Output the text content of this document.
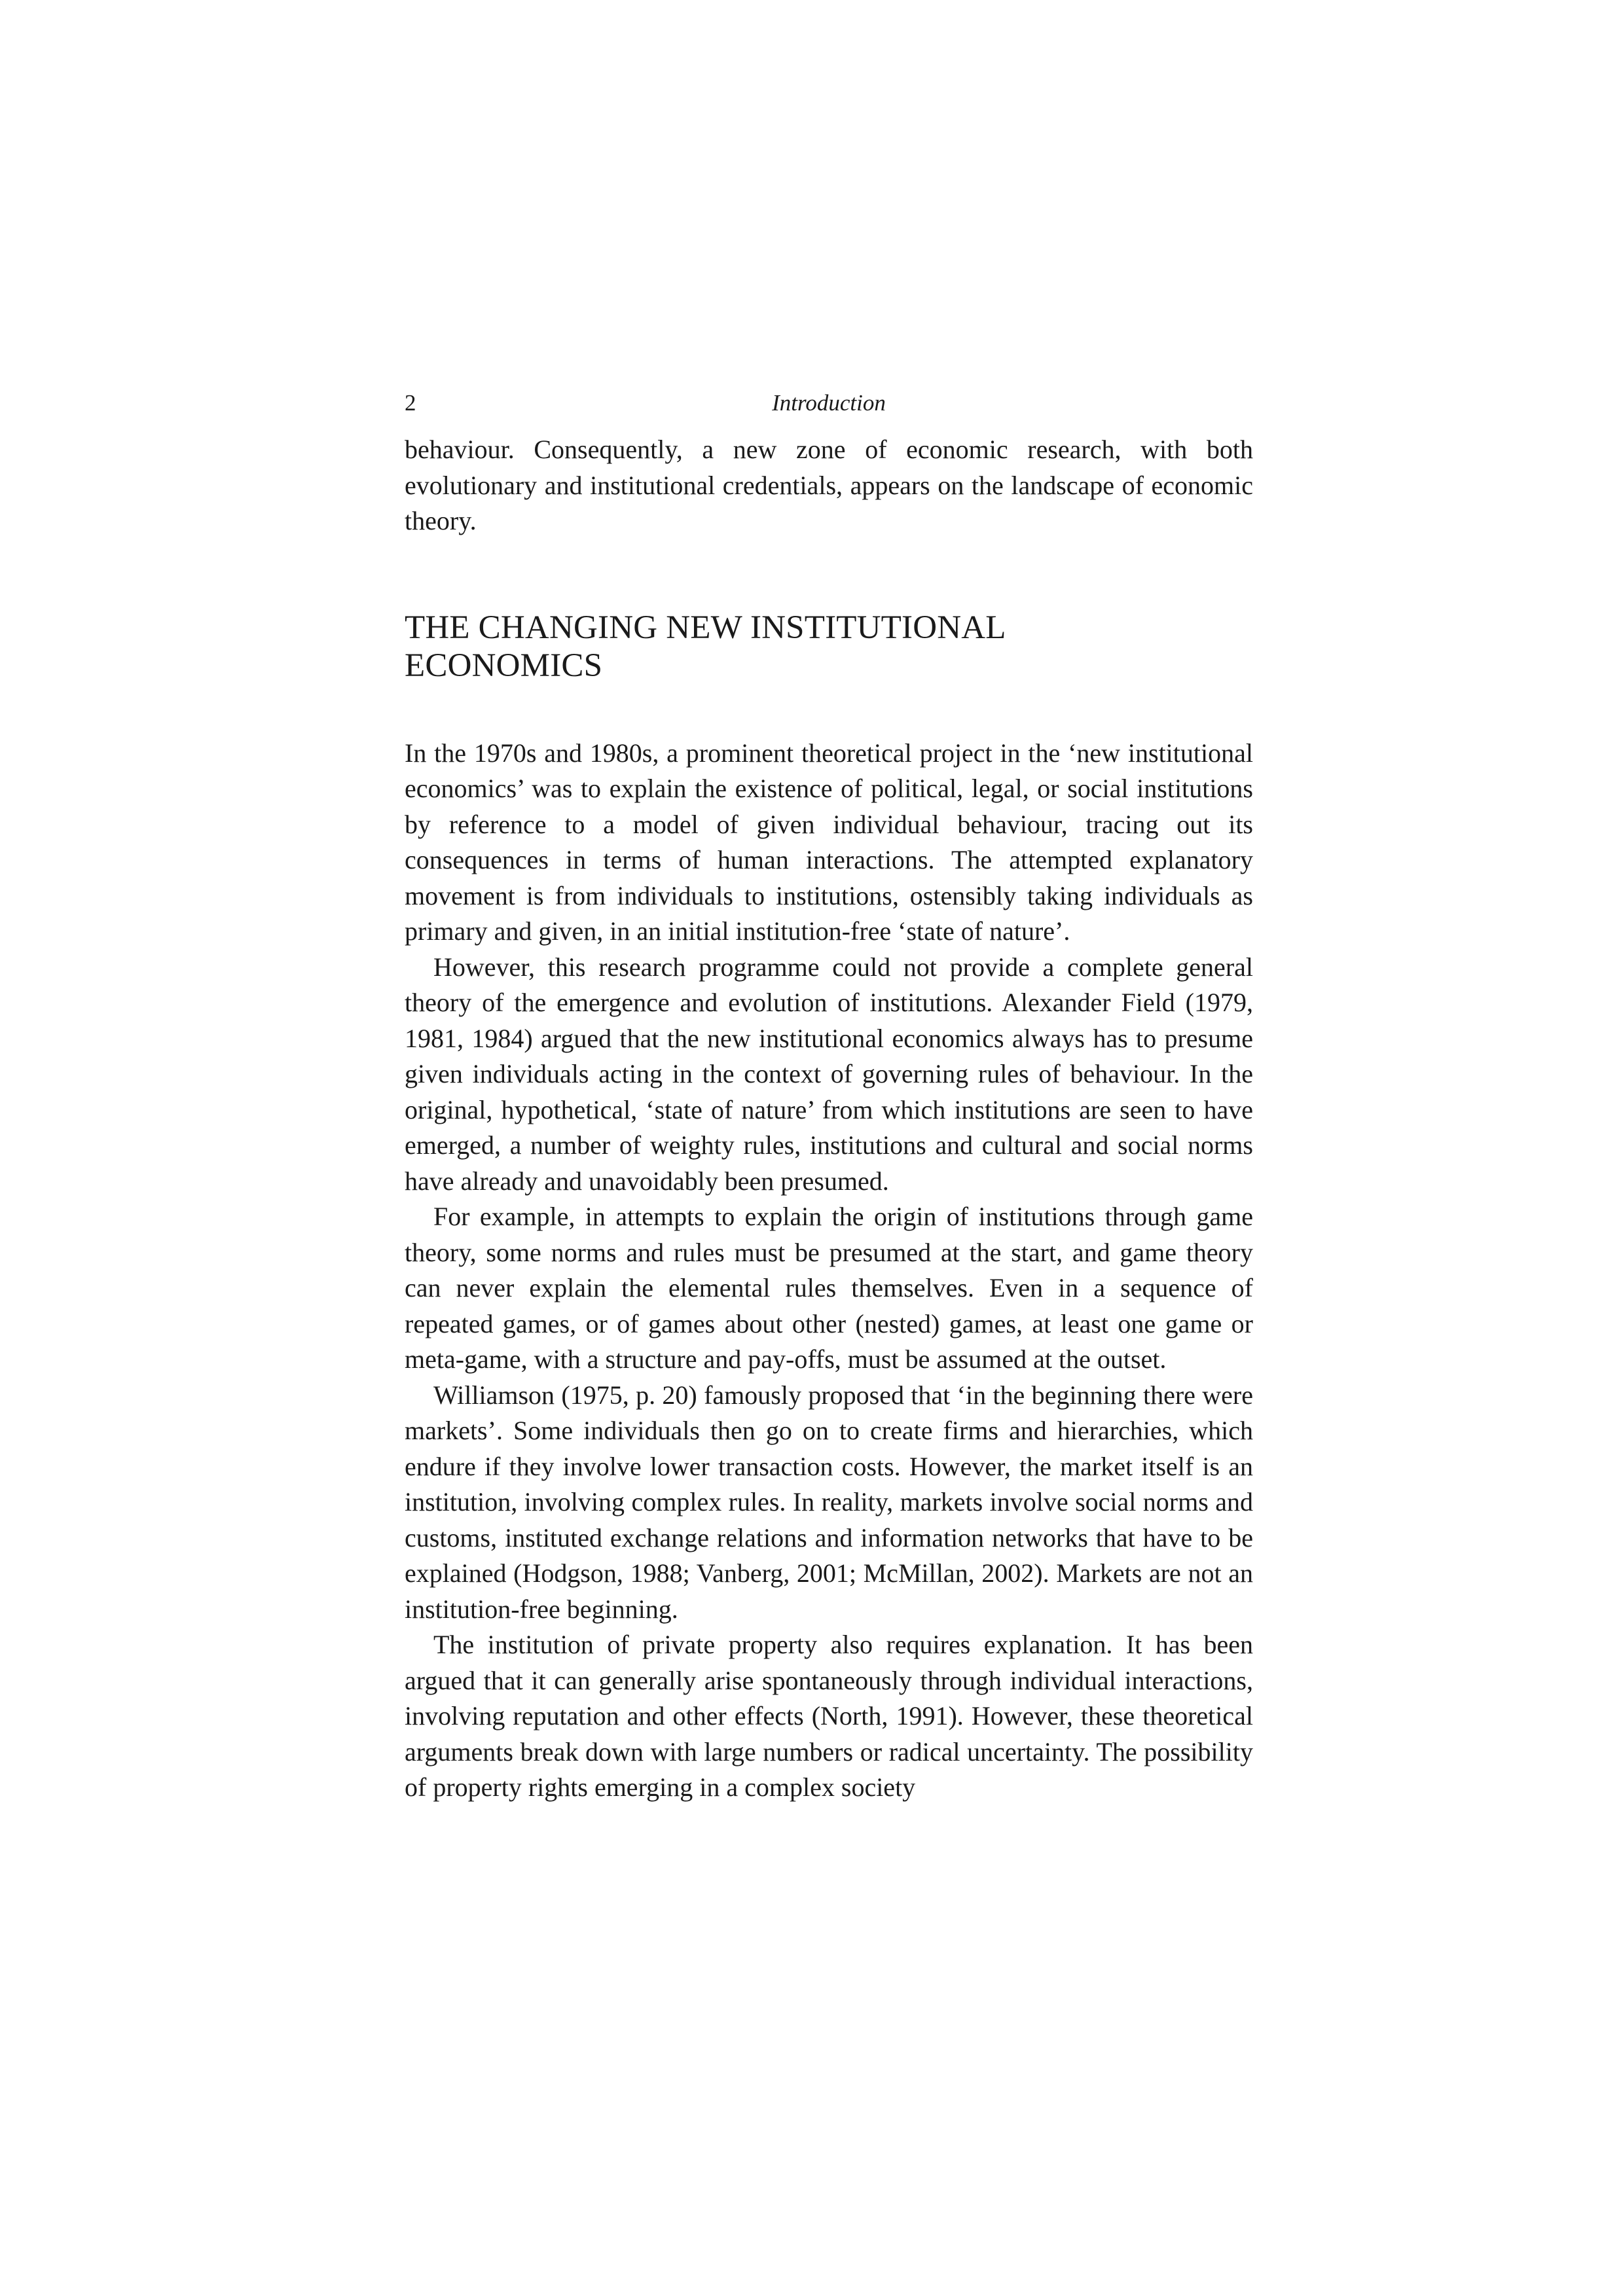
2	Introduction

behaviour. Consequently, a new zone of economic research, with both evolutionary and institutional credentials, appears on the landscape of economic theory.

THE CHANGING NEW INSTITUTIONAL ECONOMICS

In the 1970s and 1980s, a prominent theoretical project in the ‘new institutional economics’ was to explain the existence of political, legal, or social institutions by reference to a model of given individual behaviour, tracing out its consequences in terms of human interactions. The attempted explanatory movement is from individuals to institutions, ostensibly taking individuals as primary and given, in an initial institution-free ‘state of nature’.

However, this research programme could not provide a complete general theory of the emergence and evolution of institutions. Alexander Field (1979, 1981, 1984) argued that the new institutional economics always has to presume given individuals acting in the context of governing rules of behaviour. In the original, hypothetical, ‘state of nature’ from which institutions are seen to have emerged, a number of weighty rules, institutions and cultural and social norms have already and unavoidably been presumed.

For example, in attempts to explain the origin of institutions through game theory, some norms and rules must be presumed at the start, and game theory can never explain the elemental rules themselves. Even in a sequence of repeated games, or of games about other (nested) games, at least one game or meta-game, with a structure and pay-offs, must be assumed at the outset.

Williamson (1975, p. 20) famously proposed that ‘in the beginning there were markets’. Some individuals then go on to create firms and hierarchies, which endure if they involve lower transaction costs. However, the market itself is an institution, involving complex rules. In reality, markets involve social norms and customs, instituted exchange relations and information networks that have to be explained (Hodgson, 1988; Vanberg, 2001; McMillan, 2002). Markets are not an institution-free beginning.

The institution of private property also requires explanation. It has been argued that it can generally arise spontaneously through individual interactions, involving reputation and other effects (North, 1991). However, these theoretical arguments break down with large numbers or radical uncertainty. The possibility of property rights emerging in a complex society
